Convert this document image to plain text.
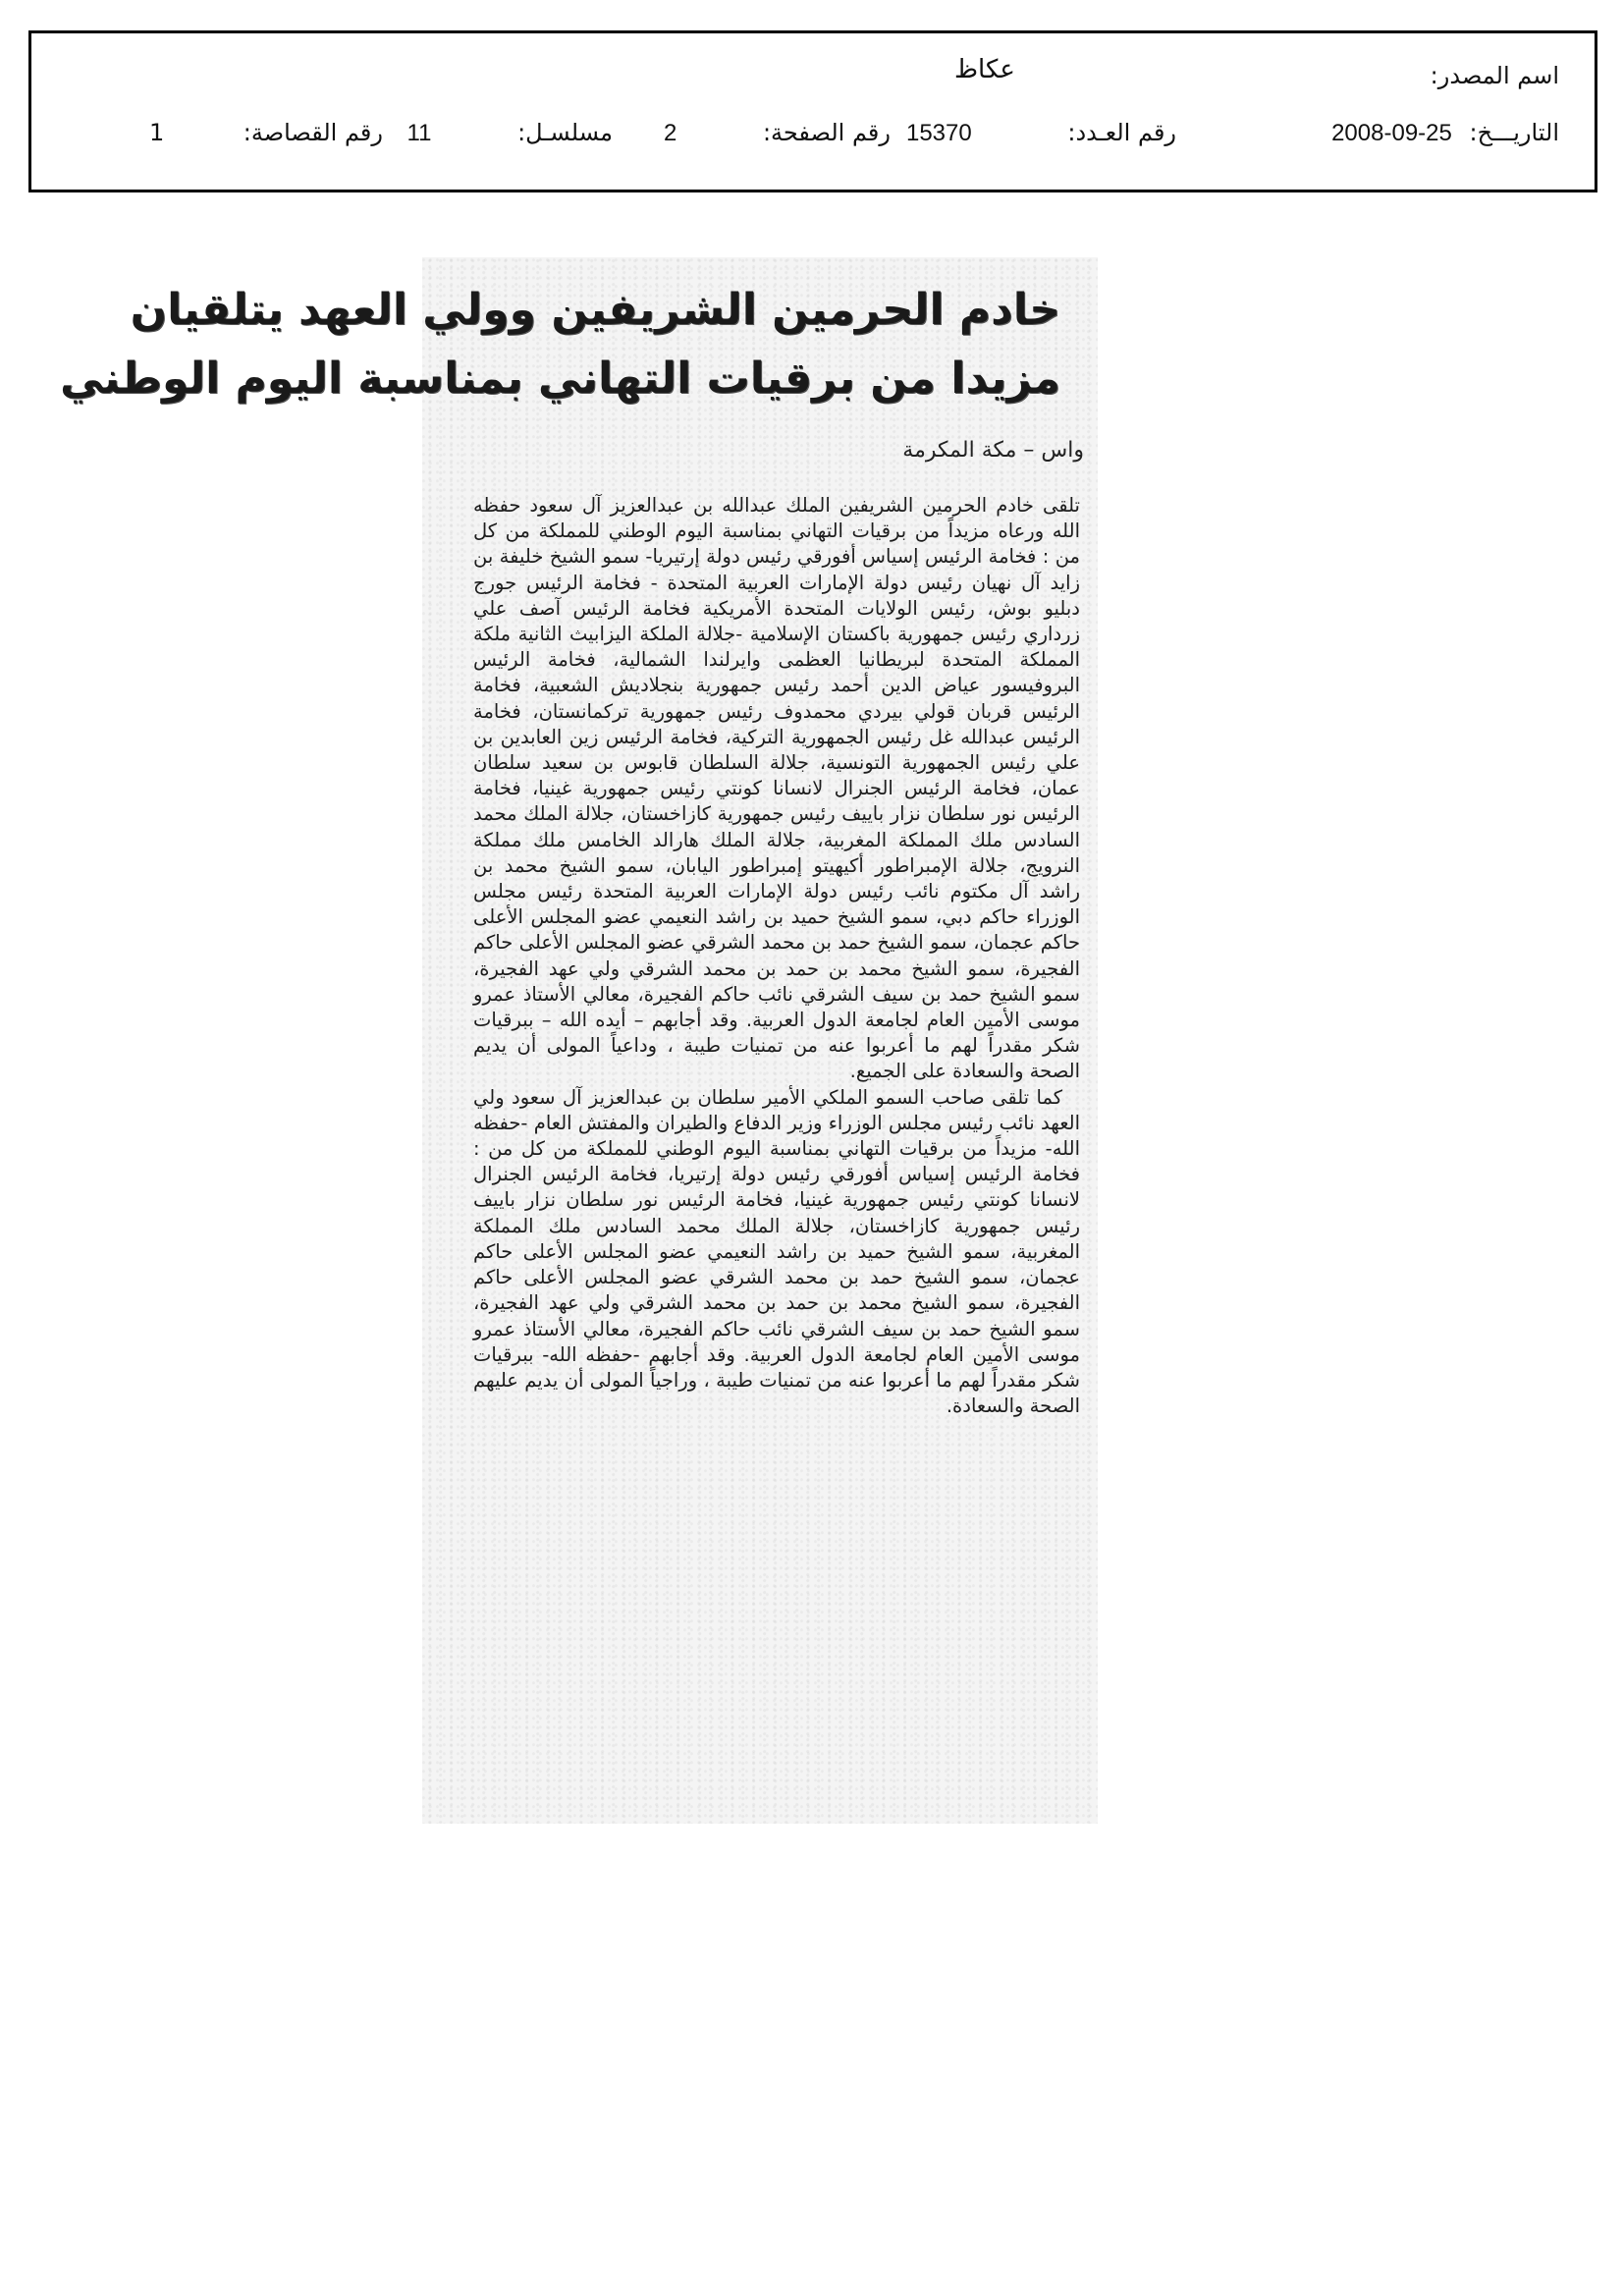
اسم المصدر:
عكاظ
التاريـــخ: 25-09-2008
رقم العـدد: 15370
رقم الصفحة: 2
مسلسـل: 11
رقم القصاصة:
1
خادم الحرمين الشريفين وولي العهد يتلقيان
مزيدا من برقيات التهاني بمناسبة اليوم الوطني
واس – مكة المكرمة

تلقى خادم الحرمين الشريفين الملك عبدالله بن عبدالعزيز آل سعود حفظه الله ورعاه مزيداً من برقيات التهاني بمناسبة اليوم الوطني للمملكة من كل من : فخامة الرئيس إسياس أفورقي رئيس دولة إرتيريا- سمو الشيخ خليفة بن زايد آل نهيان رئيس دولة الإمارات العربية المتحدة - فخامة الرئيس جورج دبليو بوش، رئيس الولايات المتحدة الأمريكية فخامة الرئيس آصف علي زرداري رئيس جمهورية باكستان الإسلامية -جلالة الملكة اليزابيث الثانية ملكة المملكة المتحدة لبريطانيا العظمى وايرلندا الشمالية، فخامة الرئيس البروفيسور عياض الدين أحمد رئيس جمهورية بنجلاديش الشعبية، فخامة الرئيس قربان قولي بيردي محمدوف رئيس جمهورية تركمانستان، فخامة الرئيس عبدالله غل رئيس الجمهورية التركية، فخامة الرئيس زين العابدين بن علي رئيس الجمهورية التونسية، جلالة السلطان قابوس بن سعيد سلطان عمان، فخامة الرئيس الجنرال لانسانا كونتي رئيس جمهورية غينيا، فخامة الرئيس نور سلطان نزار باييف رئيس جمهورية كازاخستان، جلالة الملك محمد السادس ملك المملكة المغربية، جلالة الملك هارالد الخامس ملك مملكة النرويج، جلالة الإمبراطور أكيهيتو إمبراطور اليابان، سمو الشيخ محمد بن راشد آل مكتوم نائب رئيس دولة الإمارات العربية المتحدة رئيس مجلس الوزراء حاكم دبي، سمو الشيخ حميد بن راشد النعيمي عضو المجلس الأعلى حاكم عجمان، سمو الشيخ حمد بن محمد الشرقي عضو المجلس الأعلى حاكم الفجيرة، سمو الشيخ محمد بن حمد بن محمد الشرقي ولي عهد الفجيرة، سمو الشيخ حمد بن سيف الشرقي نائب حاكم الفجيرة، معالي الأستاذ عمرو موسى الأمين العام لجامعة الدول العربية. وقد أجابهم – أيده الله – ببرقيات شكر مقدراً لهم ما أعربوا عنه من تمنيات طيبة ، وداعياً المولى أن يديم الصحة والسعادة على الجميع.

كما تلقى صاحب السمو الملكي الأمير سلطان بن عبدالعزيز آل سعود ولي العهد نائب رئيس مجلس الوزراء وزير الدفاع والطيران والمفتش العام -حفظه الله- مزيداً من برقيات التهاني بمناسبة اليوم الوطني للمملكة من كل من : فخامة الرئيس إسياس أفورقي رئيس دولة إرتيريا، فخامة الرئيس الجنرال لانسانا كونتي رئيس جمهورية غينيا، فخامة الرئيس نور سلطان نزار باييف رئيس جمهورية كازاخستان، جلالة الملك محمد السادس ملك المملكة المغربية، سمو الشيخ حميد بن راشد النعيمي عضو المجلس الأعلى حاكم عجمان، سمو الشيخ حمد بن محمد الشرقي عضو المجلس الأعلى حاكم الفجيرة، سمو الشيخ محمد بن حمد بن محمد الشرقي ولي عهد الفجيرة، سمو الشيخ حمد بن سيف الشرقي نائب حاكم الفجيرة، معالي الأستاذ عمرو موسى الأمين العام لجامعة الدول العربية. وقد أجابهم -حفظه الله- ببرقيات شكر مقدراً لهم ما أعربوا عنه من تمنيات طيبة ، وراجياً المولى أن يديم عليهم الصحة والسعادة.
